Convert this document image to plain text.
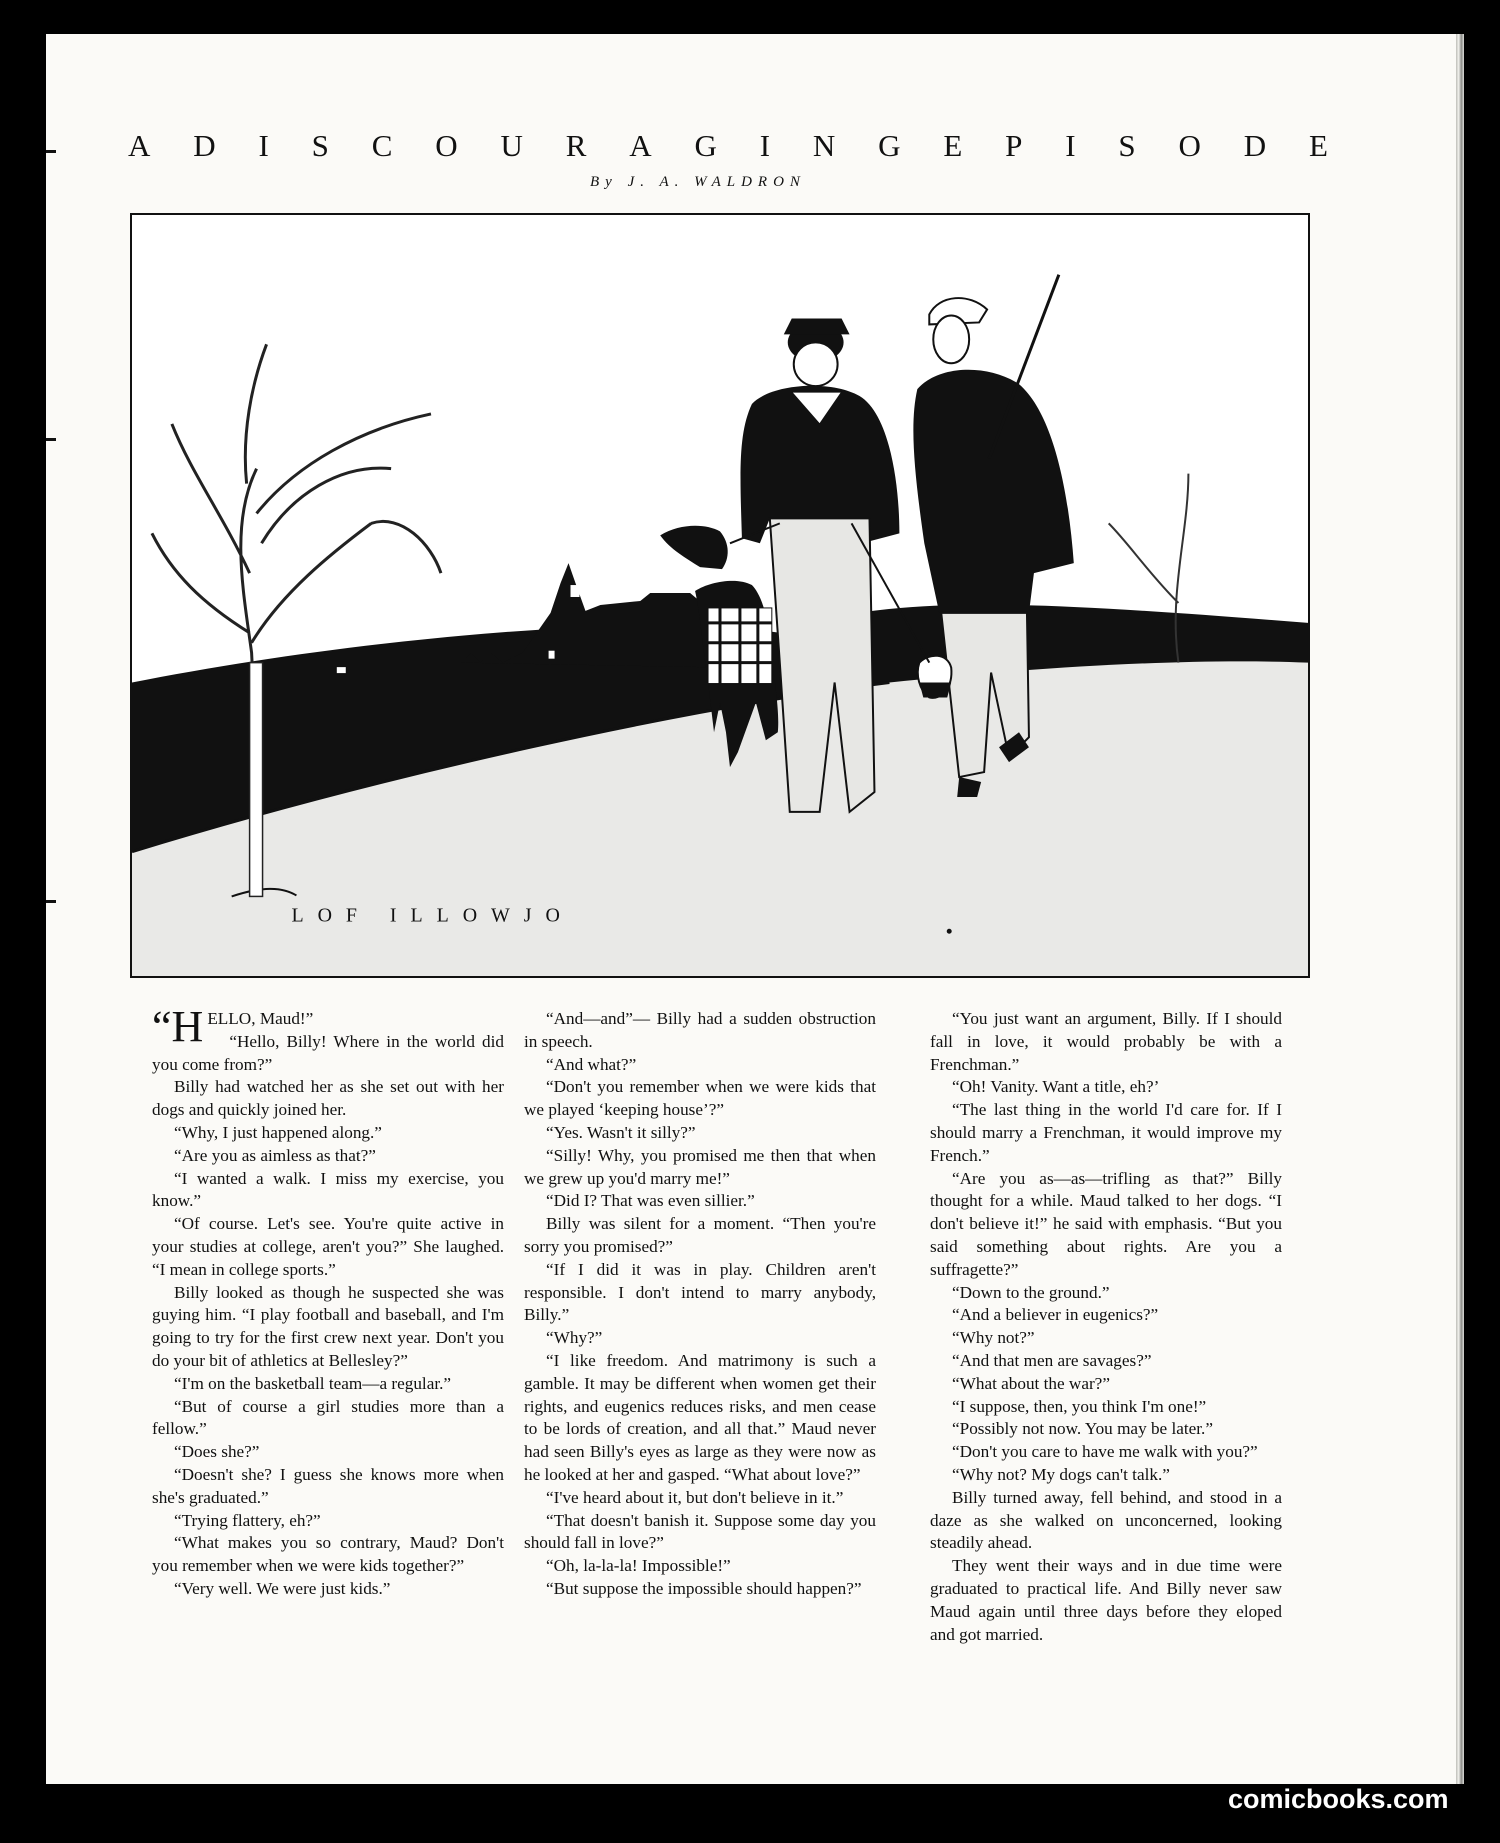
A D I S C O U R A G I N G E P I S O D E
By J. A. WALDRON
LOF ILLOWJO

“HELLO, Maud!”

“Hello, Billy! Where in the world did you come from?”

Billy had watched her as she set out with her dogs and quickly joined her.

“Why, I just happened along.”

“Are you as aimless as that?”

“I wanted a walk. I miss my exercise, you know.”

“Of course. Let's see. You're quite active in your studies at college, aren't you?” She laughed. “I mean in college sports.”

Billy looked as though he suspected she was guying him. “I play football and baseball, and I'm going to try for the first crew next year. Don't you do your bit of athletics at Bellesley?”

“I'm on the basketball team—a regular.”

“But of course a girl studies more than a fellow.”

“Does she?”

“Doesn't she? I guess she knows more when she's graduated.”

“Trying flattery, eh?”

“What makes you so contrary, Maud? Don't you remember when we were kids together?”

“Very well. We were just kids.”

“And—and”— Billy had a sudden obstruction in speech.

“And what?”

“Don't you remember when we were kids that we played ‘keeping house’?”

“Yes. Wasn't it silly?”

“Silly! Why, you promised me then that when we grew up you'd marry me!”

“Did I? That was even sillier.”

Billy was silent for a moment. “Then you're sorry you promised?”

“If I did it was in play. Children aren't responsible. I don't intend to marry anybody, Billy.”

“Why?”

“I like freedom. And matrimony is such a gamble. It may be different when women get their rights, and eugenics reduces risks, and men cease to be lords of creation, and all that.” Maud never had seen Billy's eyes as large as they were now as he looked at her and gasped. “What about love?”

“I've heard about it, but don't believe in it.”

“That doesn't banish it. Suppose some day you should fall in love?”

“Oh, la-la-la! Impossible!”

“But suppose the impossible should happen?”

“You just want an argument, Billy. If I should fall in love, it would probably be with a Frenchman.”

“Oh! Vanity. Want a title, eh?’

“The last thing in the world I'd care for. If I should marry a Frenchman, it would improve my French.”

“Are you as—as—trifling as that?” Billy thought for a while. Maud talked to her dogs. “I don't believe it!” he said with emphasis. “But you said something about rights. Are you a suffragette?”

“Down to the ground.”

“And a believer in eugenics?”

“Why not?”

“And that men are savages?”

“What about the war?”

“I suppose, then, you think I'm one!”

“Possibly not now. You may be later.”

“Don't you care to have me walk with you?”

“Why not? My dogs can't talk.”

Billy turned away, fell behind, and stood in a daze as she walked on unconcerned, looking steadily ahead.

They went their ways and in due time were graduated to practical life. And Billy never saw Maud again until three days before they eloped and got married.

comicbooks.com
